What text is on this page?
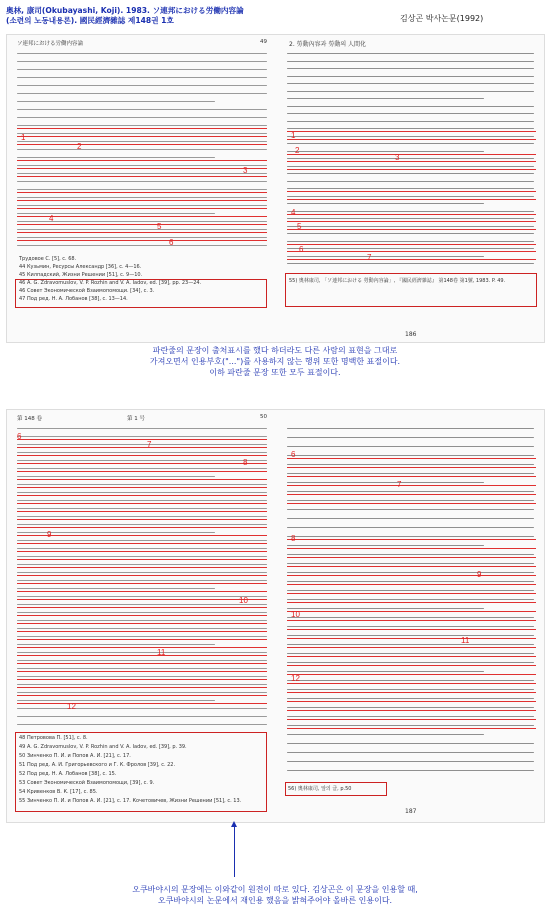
奥林, 康司(Okubayashi, Koji). 1983. ソ連邦における労働内容論
(소련의 노동내용론). 國民經濟雜誌 제148권 1호	김상곤 박사논문(1992)
ソ連邦における労働内容論	49
Трудовое С. [5], с. 68.
44 Кузьмин, Ресурсы Александр [36], с. 4—16.
45 Килпадский, Жизни Решении [51], с. 9—10.
46 A. G. Zdravomuslov, V. P. Rozhin and V. A. Iadov, ed. [39], pp. 23—24.
46 Совет Экономической Взаимопомощи. [34], с. 3.
47 Под ред. Н. А. Лобанов [38], с. 13—14.
1
2
3
4
5
6
2. 勞動內容과 勞動의 人間化
55) 奧林康司, 「ソ連邦における 勞動內容論」, 『國民經濟雜誌』 第148卷 第1號, 1983. P. 49.
1
2
3
4
5
6
7
186
파란줄의 문장이 출처표시를 했다 하더라도 다른 사람의 표현을 그대로
가져오면서 인용부호("...")를 사용하지 않는 행위 또한 명백한 표절이다.
이하 파란줄 문장 또한 모두 표절이다.
第 148 卷	第 1 号	50
48 Петровова П. [51], с. 8.
49 A. G. Zdravomuslov, V. P. Rozhin and V. A. Iadov, ed. [39], p. 39.
50 Зинченко П. И. и Попов А. И. [21], с. 17.
51 Под ред. А. И. Григорьевского и Г. К. Фролов [39], с. 22.
52 Под ред. Н. А. Лобанов [38], с. 15.
53 Совет Экономической Взаимопомощи, [39], с. 9.
54 Кривенков В. К. [17], с. 85.
55 Зинченко П. И. и Попов А. И. [21], с. 17. Кочетовичев, Жизни Решении [51], с. 13.
6
7
8
9
10
11
12
56) 奧林康司, 앞의 글, p.50
6
7
8
9
10
11
12
187
오쿠바야시의 문장에는 이와같이 원전이 따로 있다. 김상곤은 이 문장을 인용할 때,
오쿠바야시의 논문에서 재인용 했음을 밝혀주어야 올바른 인용이다.
